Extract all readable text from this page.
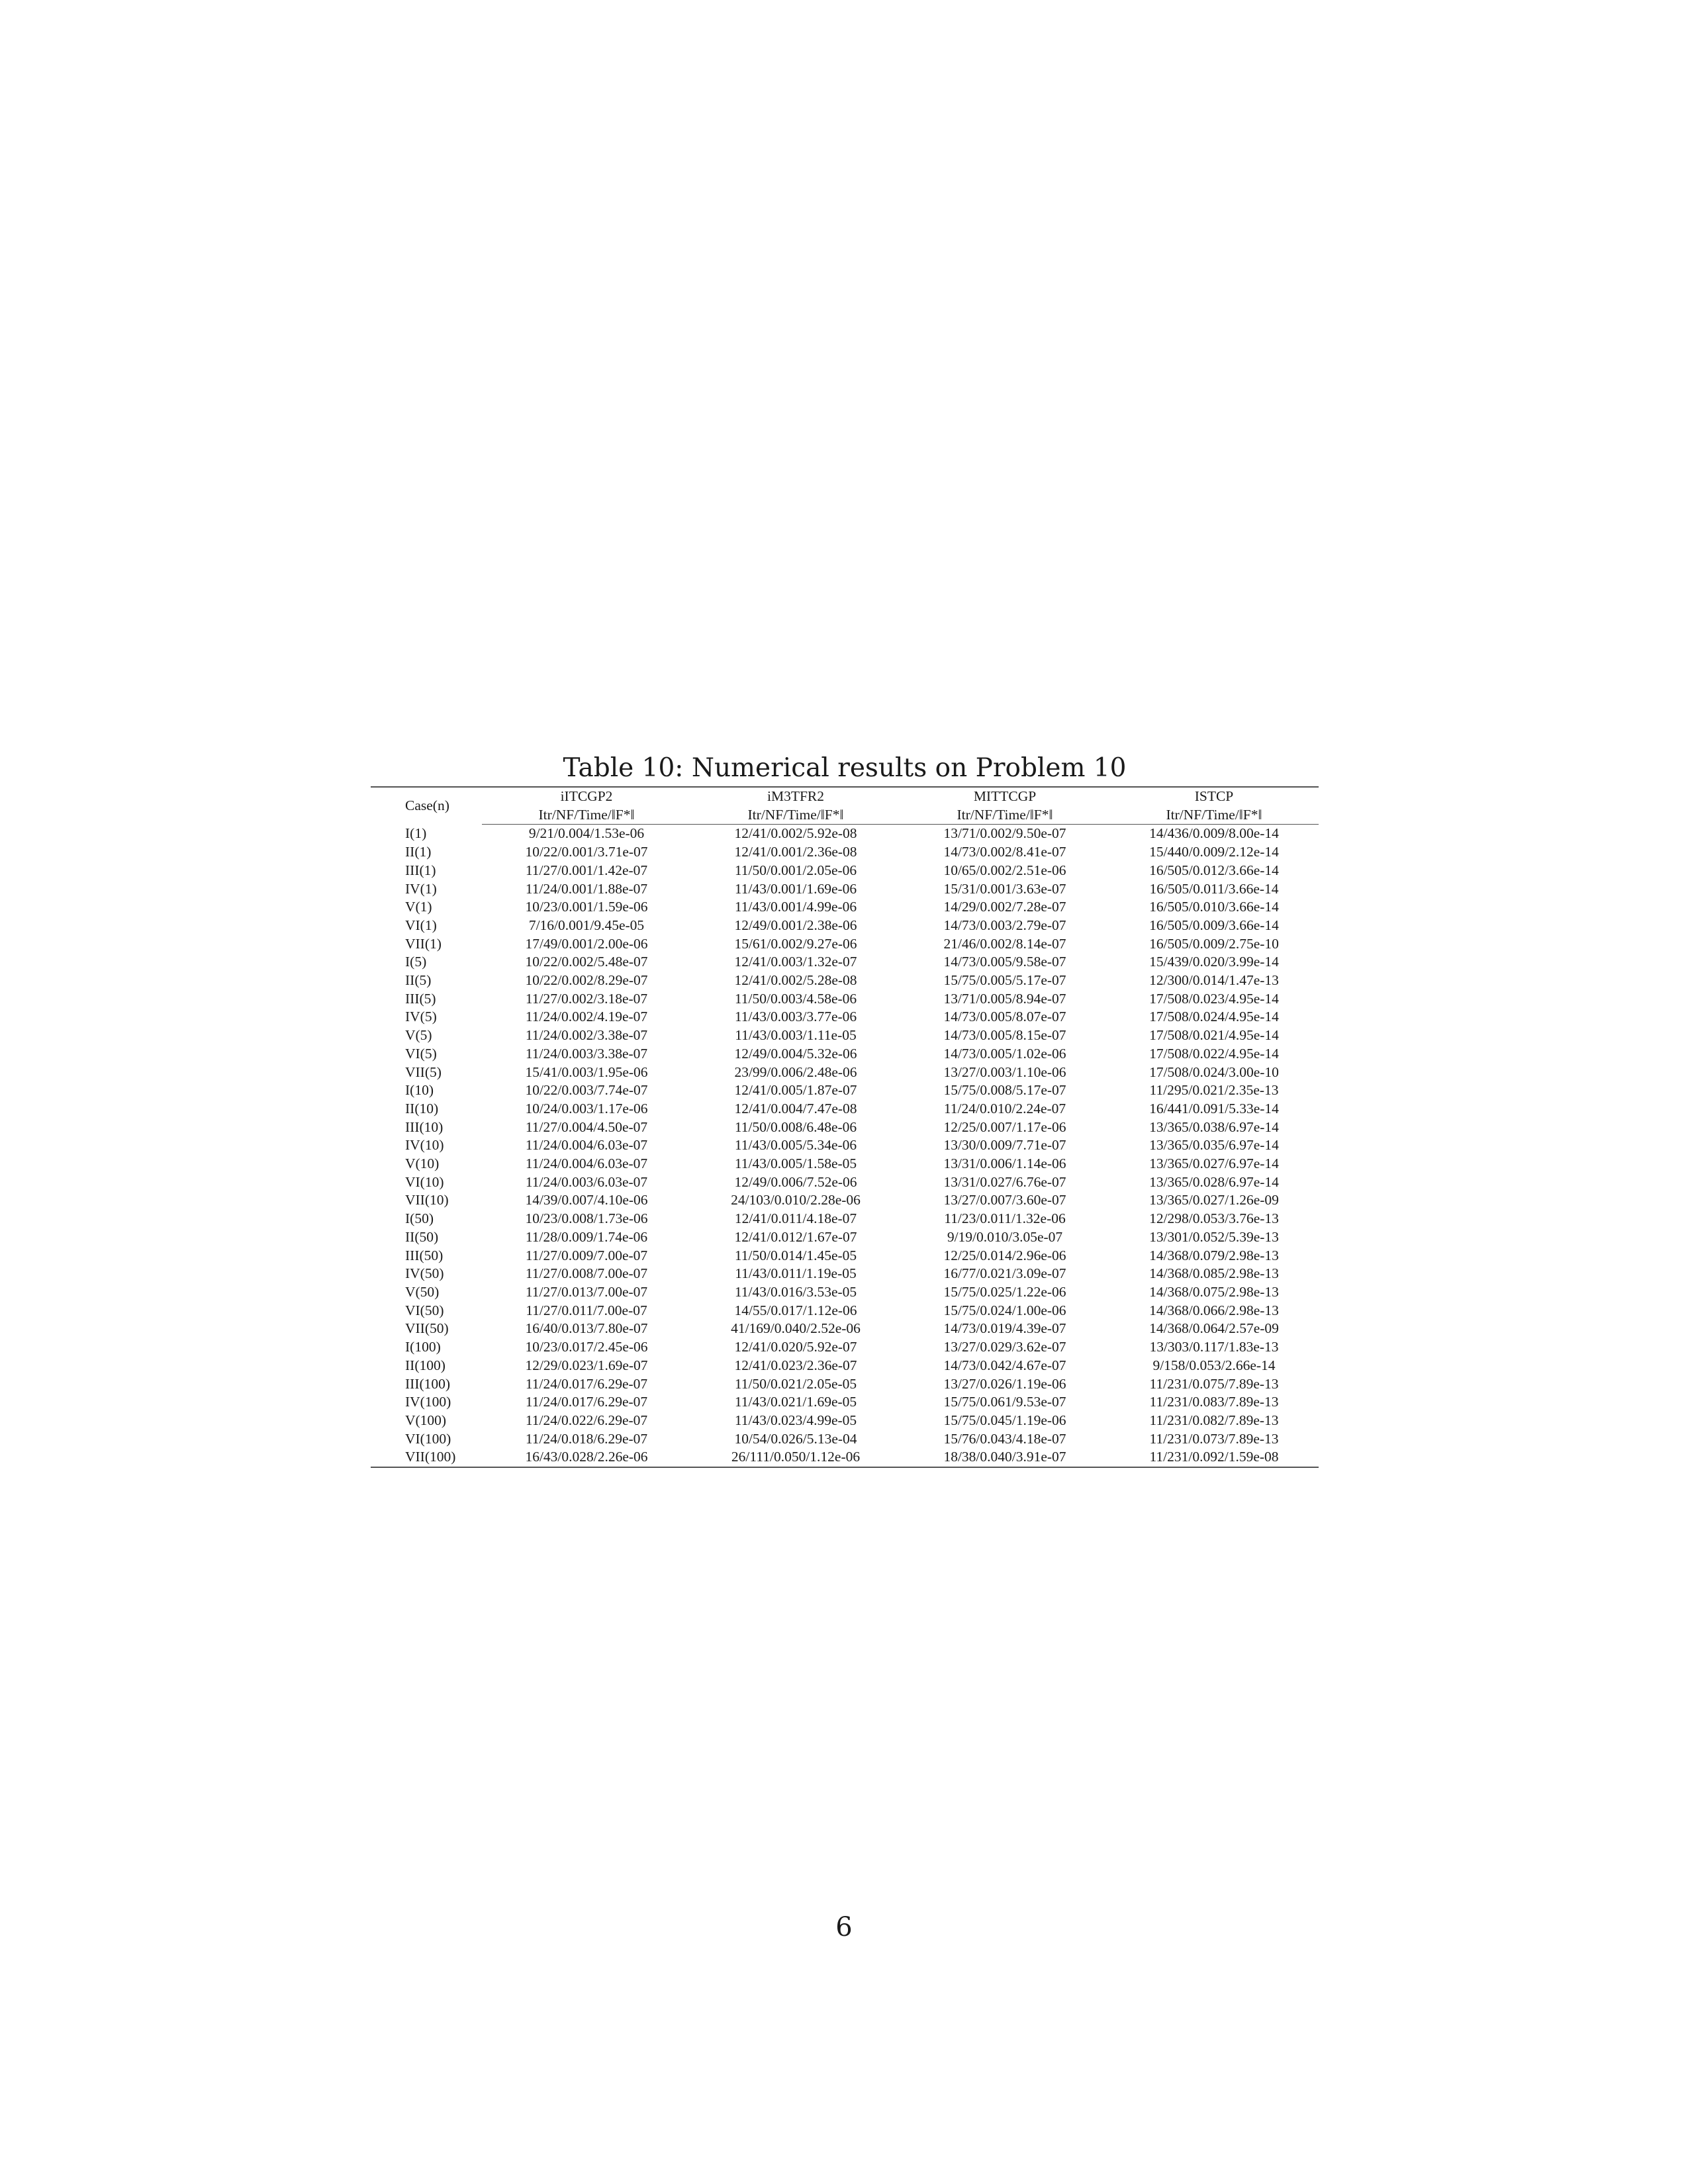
Table 10: Numerical results on Problem 10
Case(n)	iITCGP2	iM3TFR2	MITTCGP	ISTCP
	Itr/NF/Time/‖F*‖	Itr/NF/Time/‖F*‖	Itr/NF/Time/‖F*‖	Itr/NF/Time/‖F*‖
I(1)	9/21/0.004/1.53e-06	12/41/0.002/5.92e-08	13/71/0.002/9.50e-07	14/436/0.009/8.00e-14
II(1)	10/22/0.001/3.71e-07	12/41/0.001/2.36e-08	14/73/0.002/8.41e-07	15/440/0.009/2.12e-14
III(1)	11/27/0.001/1.42e-07	11/50/0.001/2.05e-06	10/65/0.002/2.51e-06	16/505/0.012/3.66e-14
IV(1)	11/24/0.001/1.88e-07	11/43/0.001/1.69e-06	15/31/0.001/3.63e-07	16/505/0.011/3.66e-14
V(1)	10/23/0.001/1.59e-06	11/43/0.001/4.99e-06	14/29/0.002/7.28e-07	16/505/0.010/3.66e-14
VI(1)	7/16/0.001/9.45e-05	12/49/0.001/2.38e-06	14/73/0.003/2.79e-07	16/505/0.009/3.66e-14
VII(1)	17/49/0.001/2.00e-06	15/61/0.002/9.27e-06	21/46/0.002/8.14e-07	16/505/0.009/2.75e-10
I(5)	10/22/0.002/5.48e-07	12/41/0.003/1.32e-07	14/73/0.005/9.58e-07	15/439/0.020/3.99e-14
II(5)	10/22/0.002/8.29e-07	12/41/0.002/5.28e-08	15/75/0.005/5.17e-07	12/300/0.014/1.47e-13
III(5)	11/27/0.002/3.18e-07	11/50/0.003/4.58e-06	13/71/0.005/8.94e-07	17/508/0.023/4.95e-14
IV(5)	11/24/0.002/4.19e-07	11/43/0.003/3.77e-06	14/73/0.005/8.07e-07	17/508/0.024/4.95e-14
V(5)	11/24/0.002/3.38e-07	11/43/0.003/1.11e-05	14/73/0.005/8.15e-07	17/508/0.021/4.95e-14
VI(5)	11/24/0.003/3.38e-07	12/49/0.004/5.32e-06	14/73/0.005/1.02e-06	17/508/0.022/4.95e-14
VII(5)	15/41/0.003/1.95e-06	23/99/0.006/2.48e-06	13/27/0.003/1.10e-06	17/508/0.024/3.00e-10
I(10)	10/22/0.003/7.74e-07	12/41/0.005/1.87e-07	15/75/0.008/5.17e-07	11/295/0.021/2.35e-13
II(10)	10/24/0.003/1.17e-06	12/41/0.004/7.47e-08	11/24/0.010/2.24e-07	16/441/0.091/5.33e-14
III(10)	11/27/0.004/4.50e-07	11/50/0.008/6.48e-06	12/25/0.007/1.17e-06	13/365/0.038/6.97e-14
IV(10)	11/24/0.004/6.03e-07	11/43/0.005/5.34e-06	13/30/0.009/7.71e-07	13/365/0.035/6.97e-14
V(10)	11/24/0.004/6.03e-07	11/43/0.005/1.58e-05	13/31/0.006/1.14e-06	13/365/0.027/6.97e-14
VI(10)	11/24/0.003/6.03e-07	12/49/0.006/7.52e-06	13/31/0.027/6.76e-07	13/365/0.028/6.97e-14
VII(10)	14/39/0.007/4.10e-06	24/103/0.010/2.28e-06	13/27/0.007/3.60e-07	13/365/0.027/1.26e-09
I(50)	10/23/0.008/1.73e-06	12/41/0.011/4.18e-07	11/23/0.011/1.32e-06	12/298/0.053/3.76e-13
II(50)	11/28/0.009/1.74e-06	12/41/0.012/1.67e-07	9/19/0.010/3.05e-07	13/301/0.052/5.39e-13
III(50)	11/27/0.009/7.00e-07	11/50/0.014/1.45e-05	12/25/0.014/2.96e-06	14/368/0.079/2.98e-13
IV(50)	11/27/0.008/7.00e-07	11/43/0.011/1.19e-05	16/77/0.021/3.09e-07	14/368/0.085/2.98e-13
V(50)	11/27/0.013/7.00e-07	11/43/0.016/3.53e-05	15/75/0.025/1.22e-06	14/368/0.075/2.98e-13
VI(50)	11/27/0.011/7.00e-07	14/55/0.017/1.12e-06	15/75/0.024/1.00e-06	14/368/0.066/2.98e-13
VII(50)	16/40/0.013/7.80e-07	41/169/0.040/2.52e-06	14/73/0.019/4.39e-07	14/368/0.064/2.57e-09
I(100)	10/23/0.017/2.45e-06	12/41/0.020/5.92e-07	13/27/0.029/3.62e-07	13/303/0.117/1.83e-13
II(100)	12/29/0.023/1.69e-07	12/41/0.023/2.36e-07	14/73/0.042/4.67e-07	9/158/0.053/2.66e-14
III(100)	11/24/0.017/6.29e-07	11/50/0.021/2.05e-05	13/27/0.026/1.19e-06	11/231/0.075/7.89e-13
IV(100)	11/24/0.017/6.29e-07	11/43/0.021/1.69e-05	15/75/0.061/9.53e-07	11/231/0.083/7.89e-13
V(100)	11/24/0.022/6.29e-07	11/43/0.023/4.99e-05	15/75/0.045/1.19e-06	11/231/0.082/7.89e-13
VI(100)	11/24/0.018/6.29e-07	10/54/0.026/5.13e-04	15/76/0.043/4.18e-07	11/231/0.073/7.89e-13
VII(100)	16/43/0.028/2.26e-06	26/111/0.050/1.12e-06	18/38/0.040/3.91e-07	11/231/0.092/1.59e-08
6
